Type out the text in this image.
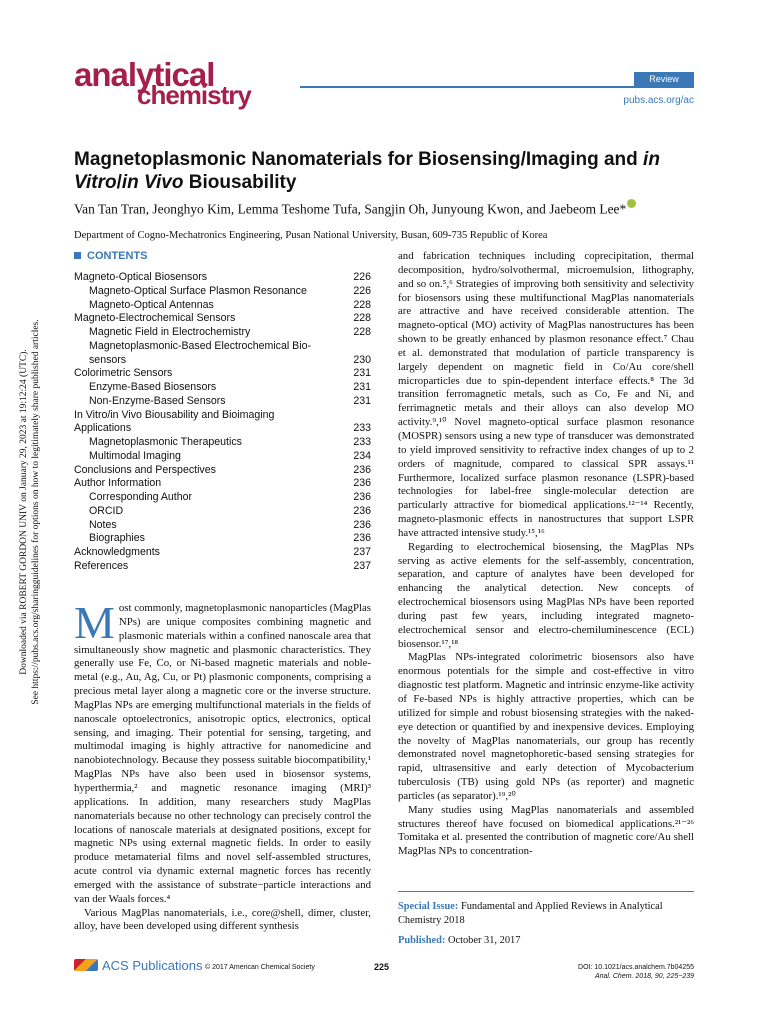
analytical
chemistry
Review
pubs.acs.org/ac
Downloaded via ROBERT GORDON UNIV on January 29, 2023 at 19:12:24 (UTC). See https://pubs.acs.org/sharingguidelines for options on how to legitimately share published articles.
Magnetoplasmonic Nanomaterials for Biosensing/Imaging and in Vitro/in Vivo Biousability
Van Tan Tran, Jeonghyo Kim, Lemma Teshome Tufa, Sangjin Oh, Junyoung Kwon, and Jaebeom Lee*
Department of Cogno-Mechatronics Engineering, Pusan National University, Busan, 609-735 Republic of Korea
CONTENTS
Magneto-Optical Biosensors	226
Magneto-Optical Surface Plasmon Resonance	226
Magneto-Optical Antennas	228
Magneto-Electrochemical Sensors	228
Magnetic Field in Electrochemistry	228
Magnetoplasmonic-Based Electrochemical Bio-
sensors	230
Colorimetric Sensors	231
Enzyme-Based Biosensors	231
Non-Enzyme-Based Sensors	231
In Vitro/in Vivo Biousability and Bioimaging
Applications	233
Magnetoplasmonic Therapeutics	233
Multimodal Imaging	234
Conclusions and Perspectives	236
Author Information	236
Corresponding Author	236
ORCID	236
Notes	236
Biographies	236
Acknowledgments	237
References	237

Most commonly, magnetoplasmonic nanoparticles (MagPlas NPs) are unique composites combining magnetic and plasmonic materials within a confined nanoscale area that simultaneously show magnetic and plasmonic characteristics. They generally use Fe, Co, or Ni-based magnetic materials and noble-metal (e.g., Au, Ag, Cu, or Pt) plasmonic components, comprising a precious metal layer along a magnetic core or the inverse structure. MagPlas NPs are emerging multifunctional materials in the fields of nanoscale optoelectronics, anisotropic optics, electronics, optical sensing, and imaging. Their potential for sensing, targeting, and multimodal imaging is highly attractive for nanomedicine and nanobiotechnology. Because they possess suitable biocompatibility,¹ MagPlas NPs have also been used in biosensor systems, hyperthermia,² and magnetic resonance imaging (MRI)³ applications. In addition, many researchers study MagPlas nanomaterials because no other technology can precisely control the locations of nanoscale materials at designated positions, except for magnetic NPs using external magnetic fields. In order to easily produce metamaterial films and novel self-assembled structures, acute control via dynamic external magnetic forces has recently emerged with the assistance of substrate−particle interactions and van der Waals forces.⁴

Various MagPlas nanomaterials, i.e., core@shell, dimer, cluster, alloy, have been developed using different synthesis

and fabrication techniques including coprecipitation, thermal decomposition, hydro/solvothermal, microemulsion, lithography, and so on.⁵,⁶ Strategies of improving both sensitivity and selectivity for biosensors using these multifunctional MagPlas nanomaterials are attractive and have received considerable attention. The magneto-optical (MO) activity of MagPlas nanostructures has been shown to be greatly enhanced by plasmon resonance effect.⁷ Chau et al. demonstrated that modulation of particle transparency is largely dependent on magnetic field in Co/Au core/shell microparticles due to spin-dependent interface effects.⁸ The 3d transition ferromagnetic metals, such as Co, Fe and Ni, and ferrimagnetic metals and their alloys can also develop MO activity.⁹,¹⁰ Novel magneto-optical surface plasmon resonance (MOSPR) sensors using a new type of transducer was demonstrated to yield improved sensitivity to refractive index changes of up to 2 orders of magnitude, compared to classical SPR assays.¹¹ Furthermore, localized surface plasmon resonance (LSPR)-based technologies for label-free single-molecular detection are particularly attractive for biomedical applications.¹²⁻¹⁴ Recently, magneto-plasmonic effects in nanostructures that support LSPR have attracted intensive study.¹⁵,¹⁶

Regarding to electrochemical biosensing, the MagPlas NPs serving as active elements for the self-assembly, concentration, separation, and capture of analytes have been developed for enhancing the analytical detection. New concepts of electrochemical biosensors using MagPlas NPs have been reported during past few years, including integrated magneto-electrochemical sensor and electro-chemiluminescence (ECL) biosensor.¹⁷,¹⁸

MagPlas NPs-integrated colorimetric biosensors also have enormous potentials for the simple and cost-effective in vitro diagnostic test platform. Magnetic and intrinsic enzyme-like activity of Fe-based NPs is highly attractive properties, which can be utilized for simple and robust biosensing strategies with the naked-eye detection or quantified by and inexpensive devices. Employing the novelty of MagPlas nanomaterials, our group has recently demonstrated novel magnetophoretic-based sensing strategies for rapid, ultrasensitive and early detection of Mycobacterium tuberculosis (TB) using gold NPs (as reporter) and magnetic particles (as separator).¹⁹,²⁰

Many studies using MagPlas nanomaterials and assembled structures thereof have focused on biomedical applications.²¹⁻²⁶ Tomitaka et al. presented the contribution of magnetic core/Au shell MagPlas NPs to concentration-

Special Issue: Fundamental and Applied Reviews in Analytical Chemistry 2018
Published: October 31, 2017
ACS Publications © 2017 American Chemical Society	225	DOI: 10.1021/acs.analchem.7b04255
Anal. Chem. 2018, 90, 225−239
